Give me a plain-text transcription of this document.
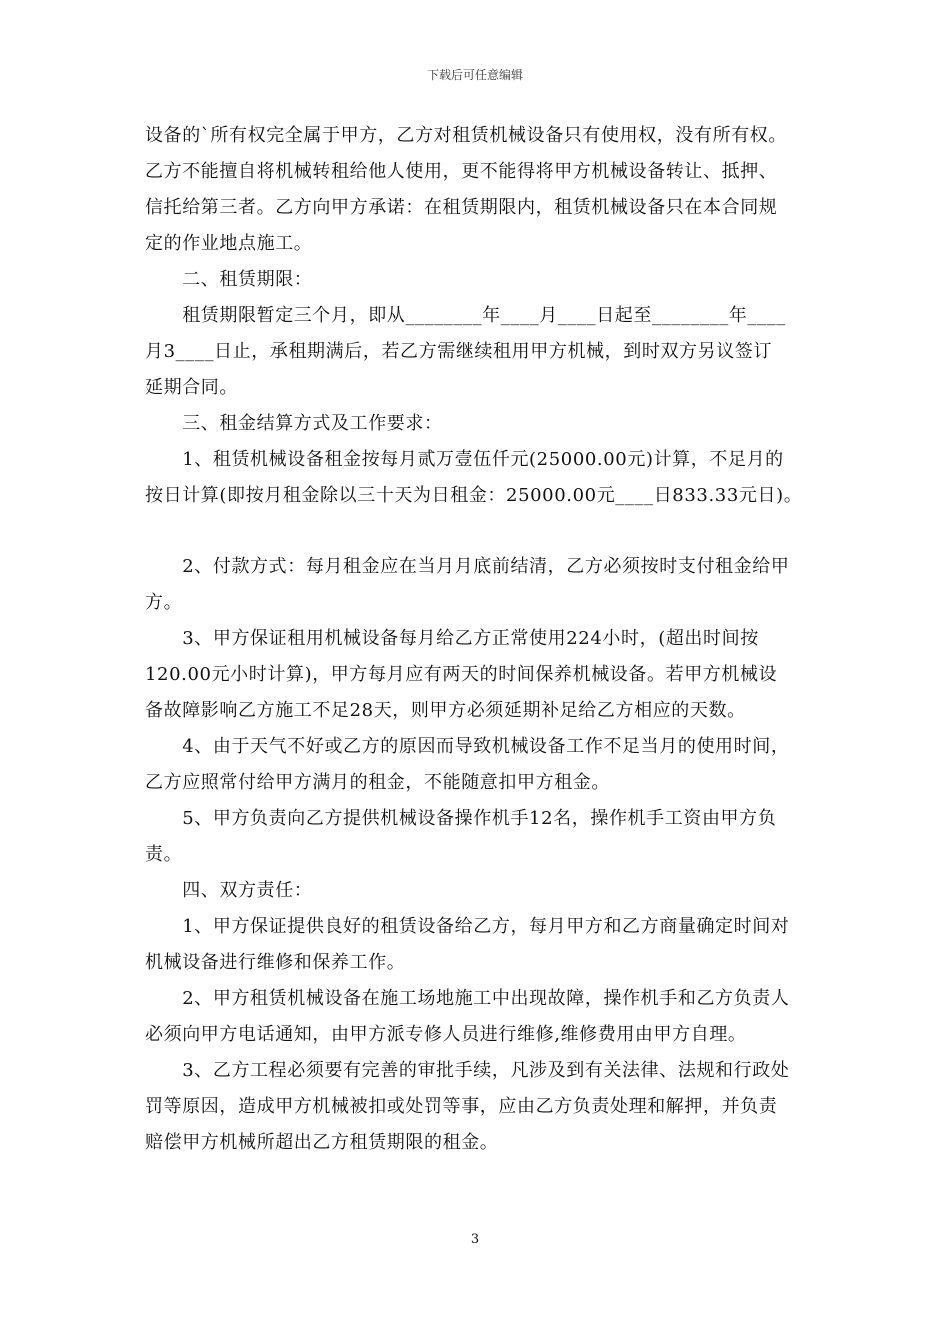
下载后可任意编辑
设备的`所有权完全属于甲方，乙方对租赁机械设备只有使用权，没有所有权。
乙方不能擅自将机械转租给他人使用，更不能得将甲方机械设备转让、抵押、
信托给第三者。乙方向甲方承诺：在租赁期限内，租赁机械设备只在本合同规
定的作业地点施工。
　　二、租赁期限：
　　租赁期限暂定三个月，即从________年____月____日起至________年____
月3____日止，承租期满后，若乙方需继续租用甲方机械，到时双方另议签订
延期合同。
　　三、租金结算方式及工作要求：
　　1、租赁机械设备租金按每月贰万壹伍仟元(25000.00元)计算，不足月的
按日计算(即按月租金除以三十天为日租金：25000.00元____日833.33元日)。
　　2、付款方式：每月租金应在当月月底前结清，乙方必须按时支付租金给甲
方。
　　3、甲方保证租用机械设备每月给乙方正常使用224小时，(超出时间按
120.00元小时计算)，甲方每月应有两天的时间保养机械设备。若甲方机械设
备故障影响乙方施工不足28天，则甲方必须延期补足给乙方相应的天数。
　　4、由于天气不好或乙方的原因而导致机械设备工作不足当月的使用时间，
乙方应照常付给甲方满月的租金，不能随意扣甲方租金。
　　5、甲方负责向乙方提供机械设备操作机手12名，操作机手工资由甲方负
责。
　　四、双方责任：
　　1、甲方保证提供良好的租赁设备给乙方，每月甲方和乙方商量确定时间对
机械设备进行维修和保养工作。
　　2、甲方租赁机械设备在施工场地施工中出现故障，操作机手和乙方负责人
必须向甲方电话通知，由甲方派专修人员进行维修,维修费用由甲方自理。
　　3、乙方工程必须要有完善的审批手续，凡涉及到有关法律、法规和行政处
罚等原因，造成甲方机械被扣或处罚等事，应由乙方负责处理和解押，并负责
赔偿甲方机械所超出乙方租赁期限的租金。
3
